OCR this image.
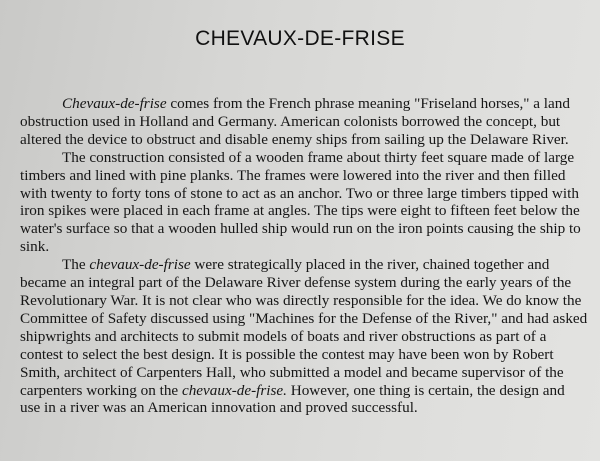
CHEVAUX-DE-FRISE

Chevaux-de-frise comes from the French phrase meaning "Friseland horses," a land obstruction used in Holland and Germany. American colonists borrowed the concept, but altered the device to obstruct and disable enemy ships from sailing up the Delaware River.

The construction consisted of a wooden frame about thirty feet square made of large timbers and lined with pine planks. The frames were lowered into the river and then filled with twenty to forty tons of stone to act as an anchor. Two or three large timbers tipped with iron spikes were placed in each frame at angles. The tips were eight to fifteen feet below the water's surface so that a wooden hulled ship would run on the iron points causing the ship to sink.

The chevaux-de-frise were strategically placed in the river, chained together and became an integral part of the Delaware River defense system during the early years of the Revolutionary War. It is not clear who was directly responsible for the idea. We do know the Committee of Safety discussed using "Machines for the Defense of the River," and had asked shipwrights and architects to submit models of boats and river obstructions as part of a contest to select the best design. It is possible the contest may have been won by Robert Smith, architect of Carpenters Hall, who submitted a model and became supervisor of the carpenters working on the chevaux-de-frise. However, one thing is certain, the design and use in a river was an American innovation and proved successful.
